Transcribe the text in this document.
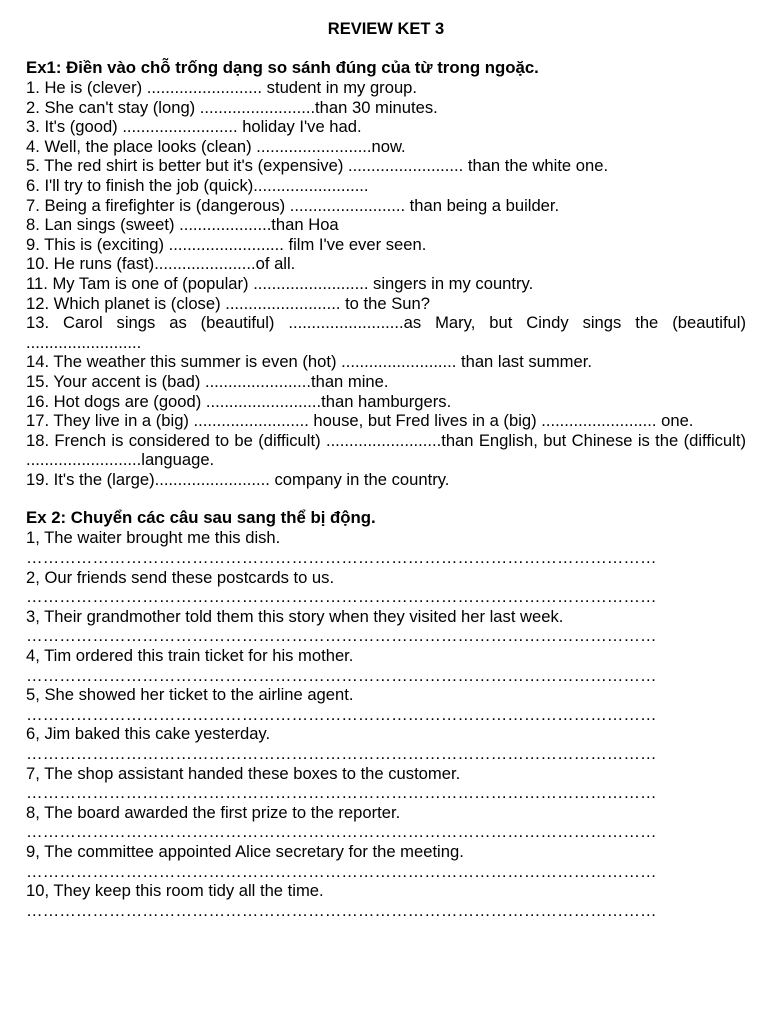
REVIEW KET 3
Ex1: Điền vào chỗ trống dạng so sánh đúng của từ trong ngoặc.
1. He is (clever) ......................... student in my group.
2. She can't stay (long) .........................than 30 minutes.
3. It's (good) ......................... holiday I've had.
4. Well, the place looks (clean) .........................now.
5. The red shirt is better but it's (expensive) ......................... than the white one.
6. I'll try to finish the job (quick).........................
7. Being a firefighter is (dangerous) ......................... than being a builder.
8. Lan sings (sweet) ....................than Hoa
9. This is (exciting) ......................... film I've ever seen.
10. He runs (fast)......................of all.
11. My Tam is one of (popular) ......................... singers in my country.
12. Which planet is (close) ......................... to the Sun?
13. Carol sings as (beautiful) .........................as Mary, but Cindy sings the (beautiful) .........................
14. The weather this summer is even (hot) ......................... than last summer.
15. Your accent is (bad) .......................than mine.
16. Hot dogs are (good) .........................than hamburgers.
17. They live in a (big) ......................... house, but Fred lives in a (big) ......................... one.
18. French is considered to be (difficult) .........................than English, but Chinese is the (difficult) .........................language.
19. It's the (large)......................... company in the country.
Ex 2: Chuyển các câu sau sang thể bị động.
1, The waiter brought me this dish.
……………………………………………………………………………………………………
2, Our friends send these postcards to us.
……………………………………………………………………………………………………
3, Their grandmother told them this story when they visited her last week.
……………………………………………………………………………………………………
4, Tim ordered this train ticket for his mother.
……………………………………………………………………………………………………
5, She showed her ticket to the airline agent.
……………………………………………………………………………………………………
6, Jim baked this cake yesterday.
……………………………………………………………………………………………………
7, The shop assistant handed these boxes to the customer.
……………………………………………………………………………………………………
8, The board awarded the first prize to the reporter.
……………………………………………………………………………………………………
9, The committee appointed Alice secretary for the meeting.
……………………………………………………………………………………………………
10, They keep this room tidy all the time.
……………………………………………………………………………………………………
